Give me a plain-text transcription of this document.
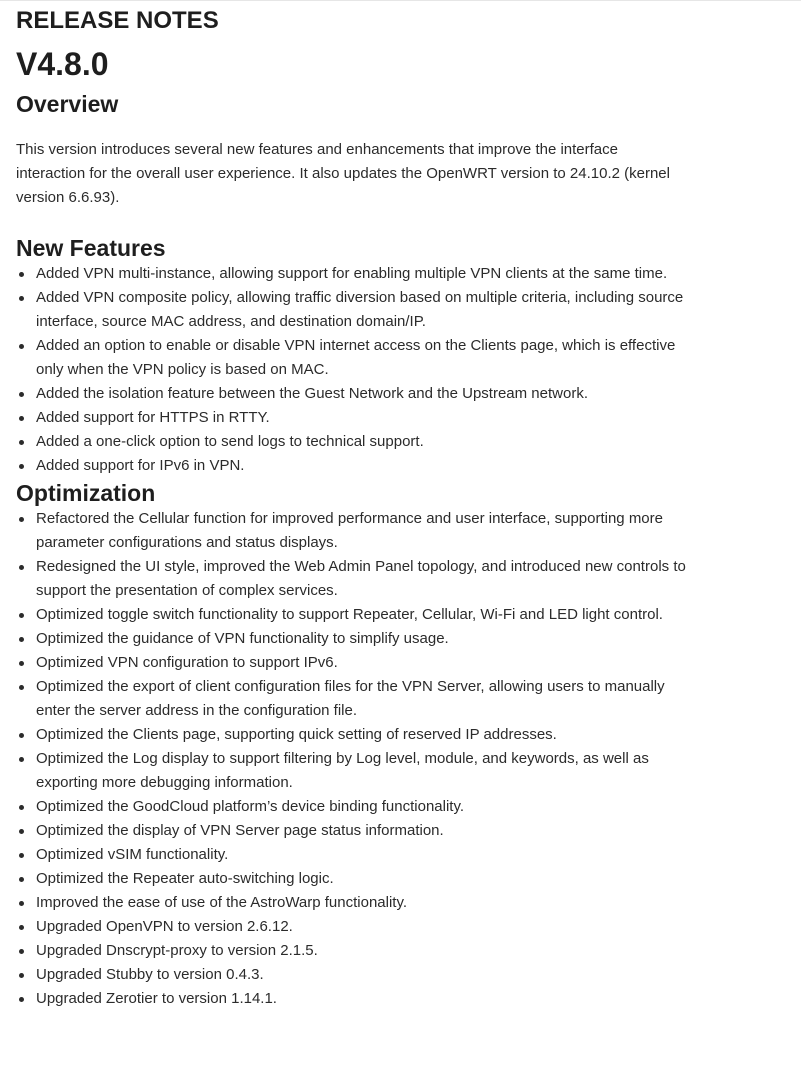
RELEASE NOTES
V4.8.0
Overview

This version introduces several new features and enhancements that improve the interface interaction for the overall user experience. It also updates the OpenWRT version to 24.10.2 (kernel version 6.6.93).

New Features
Added VPN multi-instance, allowing support for enabling multiple VPN clients at the same time.
Added VPN composite policy, allowing traffic diversion based on multiple criteria, including source interface, source MAC address, and destination domain/IP.
Added an option to enable or disable VPN internet access on the Clients page, which is effective only when the VPN policy is based on MAC.
Added the isolation feature between the Guest Network and the Upstream network.
Added support for HTTPS in RTTY.
Added a one-click option to send logs to technical support.
Added support for IPv6 in VPN.
Optimization
Refactored the Cellular function for improved performance and user interface, supporting more parameter configurations and status displays.
Redesigned the UI style, improved the Web Admin Panel topology, and introduced new controls to support the presentation of complex services.
Optimized toggle switch functionality to support Repeater, Cellular, Wi-Fi and LED light control.
Optimized the guidance of VPN functionality to simplify usage.
Optimized VPN configuration to support IPv6.
Optimized the export of client configuration files for the VPN Server, allowing users to manually enter the server address in the configuration file.
Optimized the Clients page, supporting quick setting of reserved IP addresses.
Optimized the Log display to support filtering by Log level, module, and keywords, as well as exporting more debugging information.
Optimized the GoodCloud platform’s device binding functionality.
Optimized the display of VPN Server page status information.
Optimized vSIM functionality.
Optimized the Repeater auto-switching logic.
Improved the ease of use of the AstroWarp functionality.
Upgraded OpenVPN to version 2.6.12.
Upgraded Dnscrypt-proxy to version 2.1.5.
Upgraded Stubby to version 0.4.3.
Upgraded Zerotier to version 1.14.1.
